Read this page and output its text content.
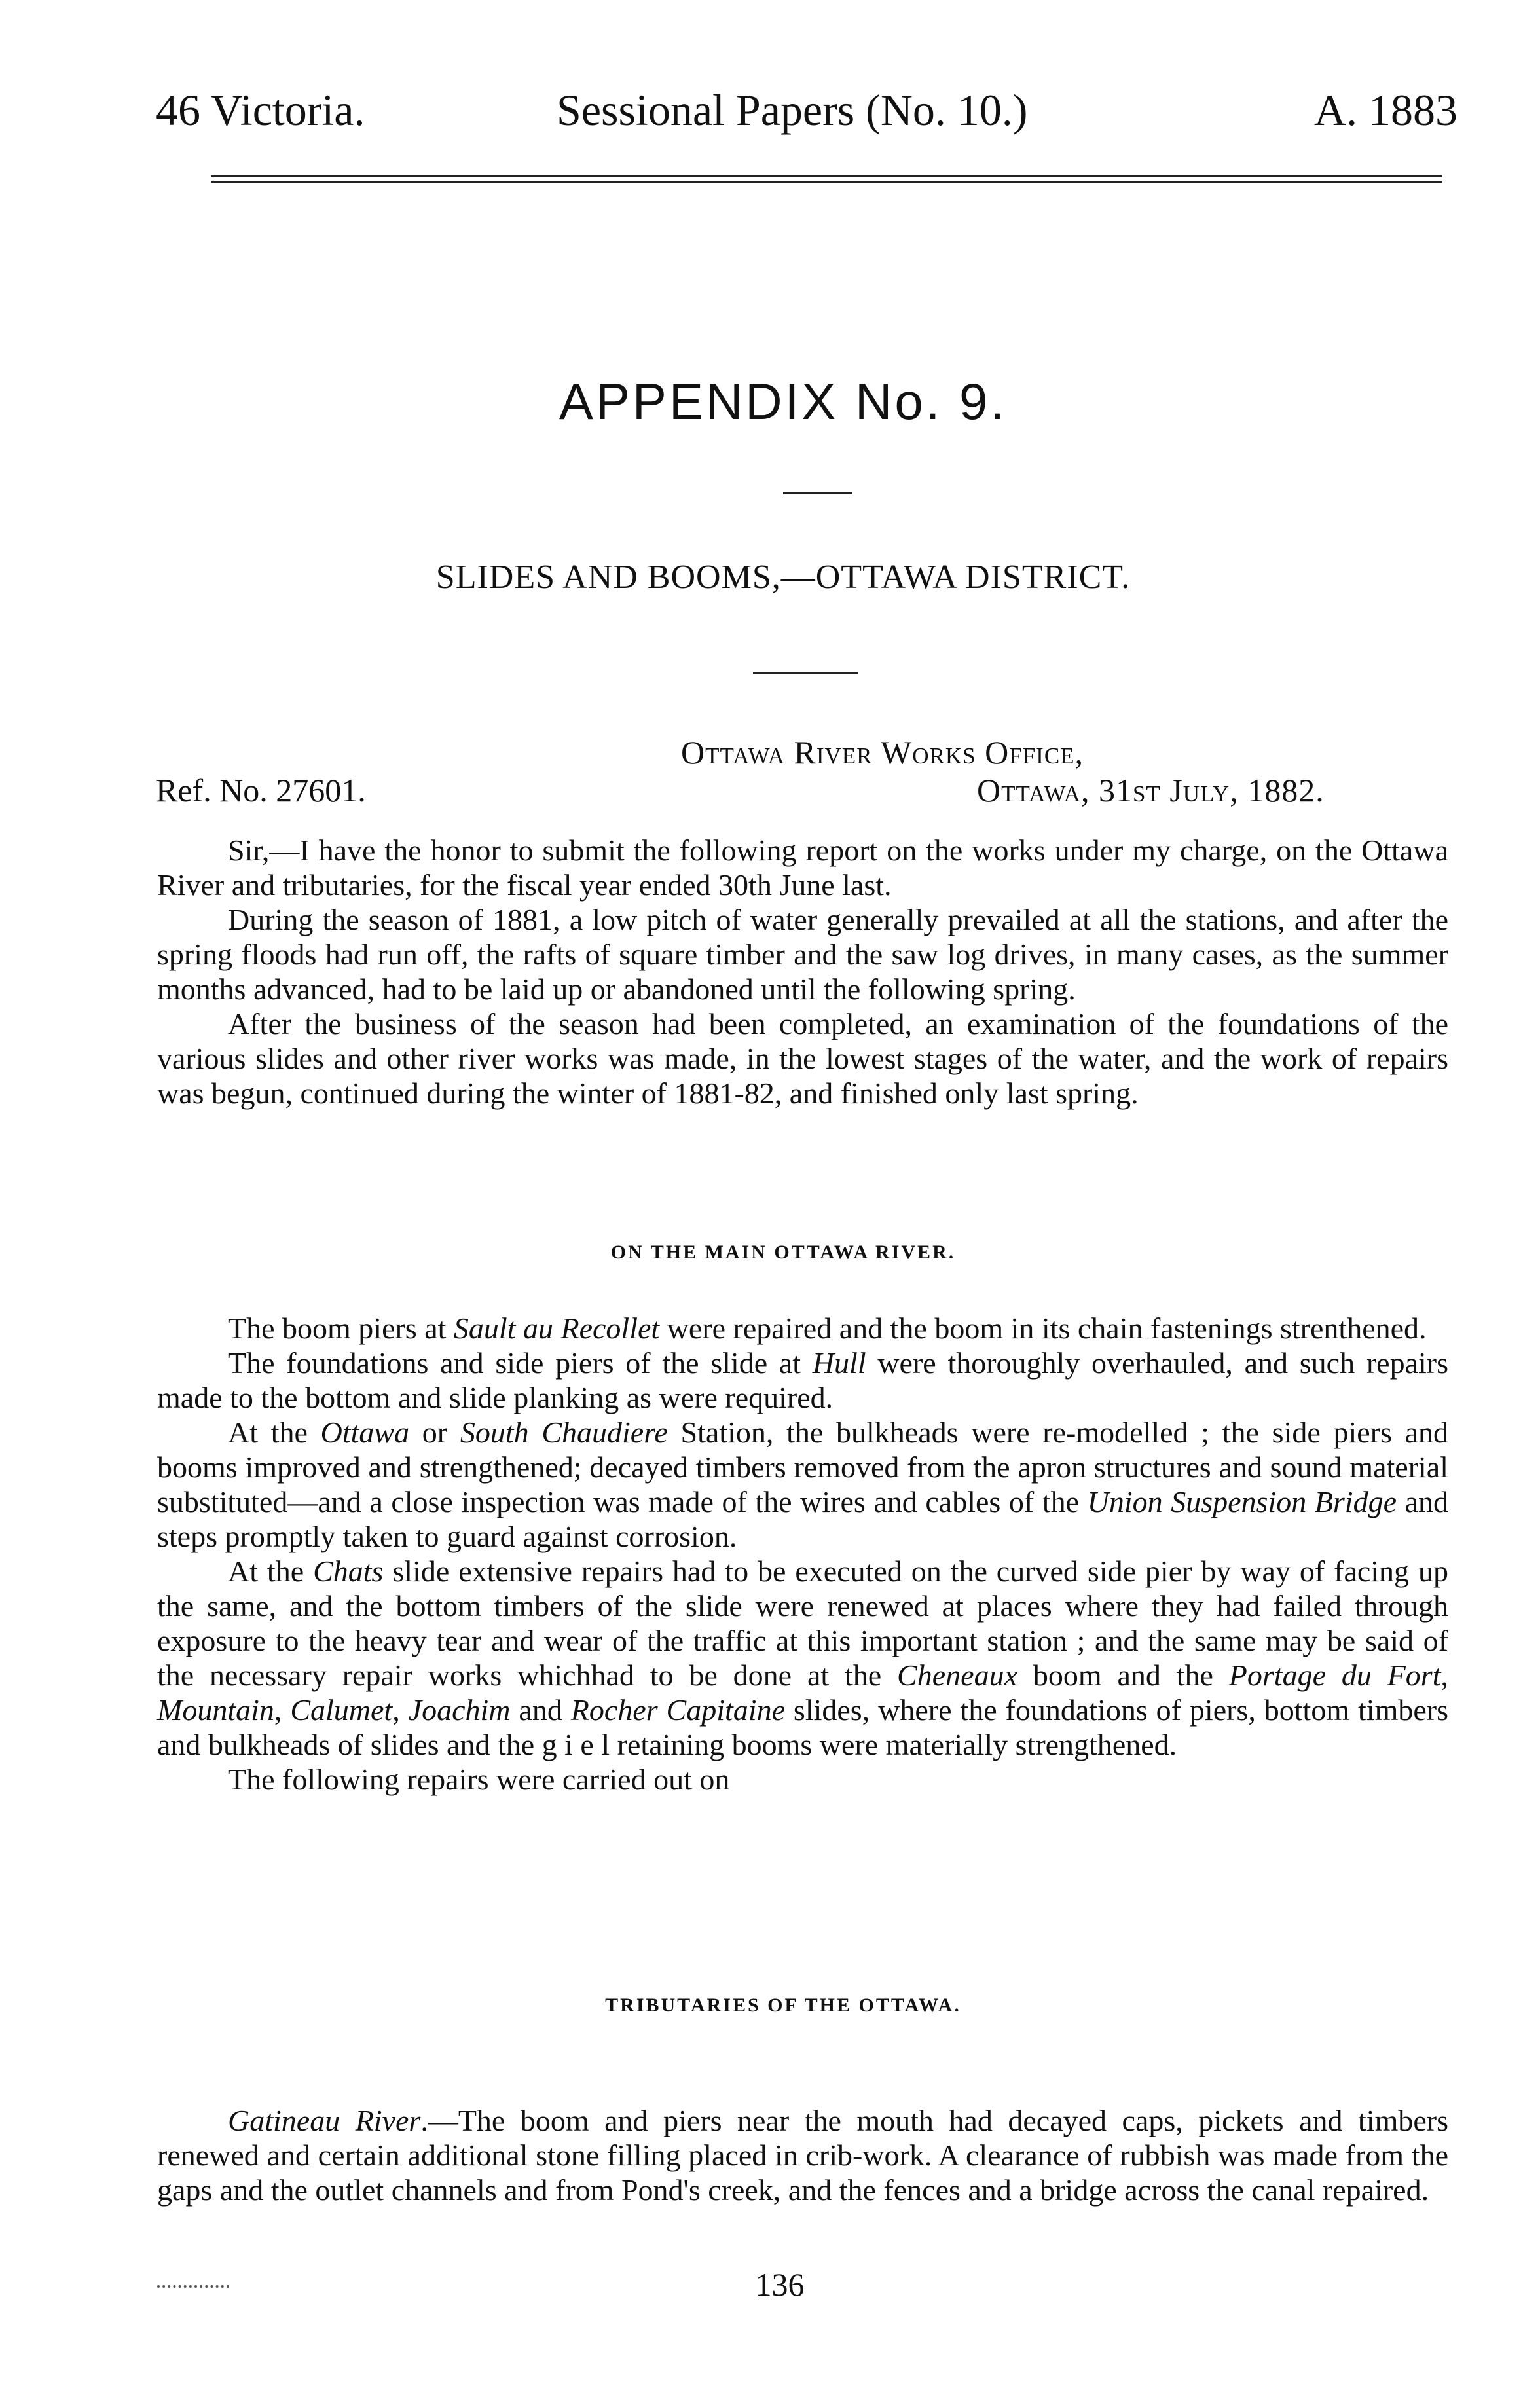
46 Victoria.	Sessional Papers (No. 10.)	A. 1883
APPENDIX No. 9.
SLIDES AND BOOMS,—OTTAWA DISTRICT.
Ottawa River Works Office,
Ref. No. 27601.	Ottawa, 31st July, 1882.

Sir,—I have the honor to submit the following report on the works under my charge, on the Ottawa River and tributaries, for the fiscal year ended 30th June last.

During the season of 1881, a low pitch of water generally prevailed at all the stations, and after the spring floods had run off, the rafts of square timber and the saw log drives, in many cases, as the summer months advanced, had to be laid up or abandoned until the following spring.

After the business of the season had been completed, an examination of the foundations of the various slides and other river works was made, in the lowest stages of the water, and the work of repairs was begun, continued during the winter of 1881-82, and finished only last spring.

ON THE MAIN OTTAWA RIVER.

The boom piers at Sault au Recollet were repaired and the boom in its chain fastenings strenthened.

The foundations and side piers of the slide at Hull were thoroughly overhauled, and such repairs made to the bottom and slide planking as were required.

At the Ottawa or South Chaudiere Station, the bulkheads were re-modelled ; the side piers and booms improved and strengthened; decayed timbers removed from the apron structures and sound material substituted—and a close inspection was made of the wires and cables of the Union Suspension Bridge and steps promptly taken to guard against corrosion.

At the Chats slide extensive repairs had to be executed on the curved side pier by way of facing up the same, and the bottom timbers of the slide were renewed at places where they had failed through exposure to the heavy tear and wear of the traffic at this important station ; and the same may be said of the necessary repair works whichhad to be done at the Cheneaux boom and the Portage du Fort, Mountain, Calumet, Joachim and Rocher Capitaine slides, where the foundations of piers, bottom timbers and bulkheads of slides and the g i e l retaining booms were materially strengthened.

The following repairs were carried out on

TRIBUTARIES OF THE OTTAWA.

Gatineau River.—The boom and piers near the mouth had decayed caps, pickets and timbers renewed and certain additional stone filling placed in crib-work. A clearance of rubbish was made from the gaps and the outlet channels and from Pond's creek, and the fences and a bridge across the canal repaired.

136
